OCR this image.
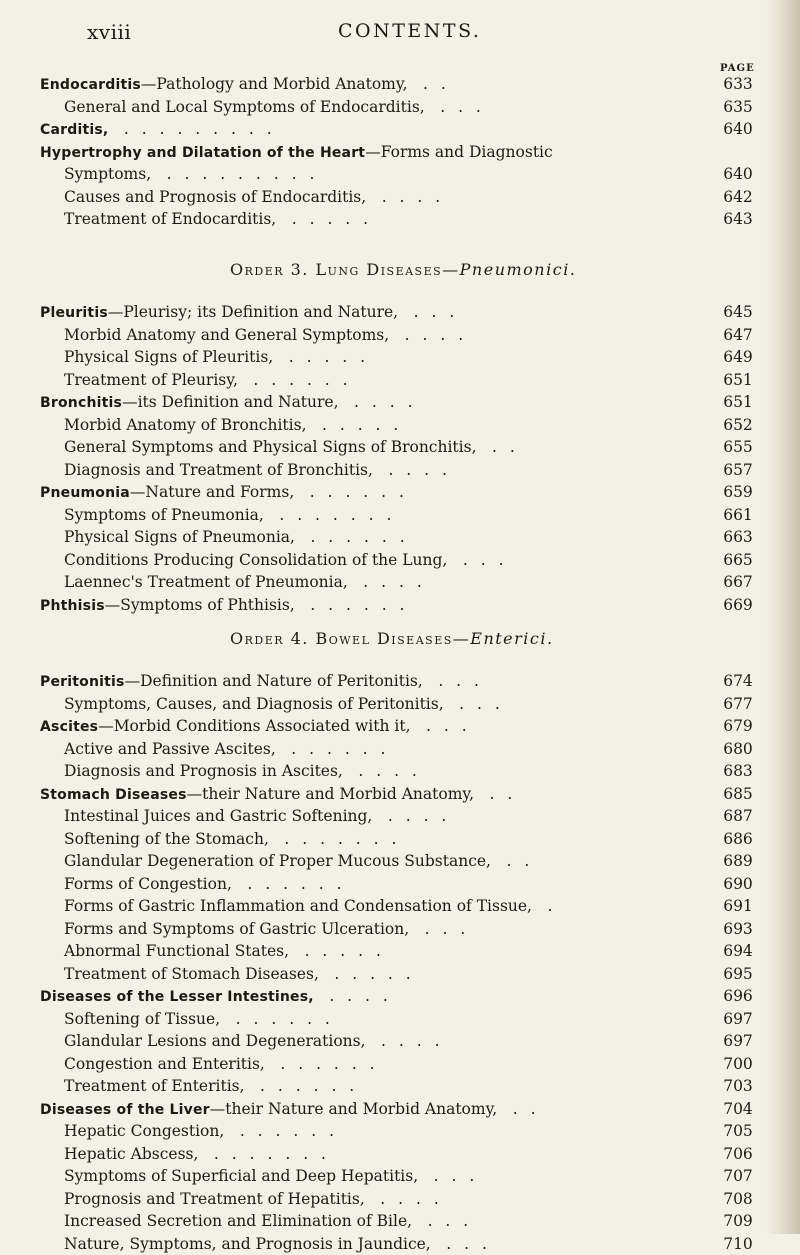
xviii	CONTENTS.
PAGE
Endocarditis—Pathology and Morbid Anatomy,  . .	633
General and Local Symptoms of Endocarditis,  . . .	635
Carditis,  . . . . . . . . .	640
Hypertrophy and Dilatation of the Heart—Forms and Diagnostic
Symptoms,  . . . . . . . . .	640
Causes and Prognosis of Endocarditis,  . . . .	642
Treatment of Endocarditis,  . . . . .	643
Order 3. Lung Diseases—Pneumonici.
Pleuritis—Pleurisy; its Definition and Nature,  . . .	645
Morbid Anatomy and General Symptoms,  . . . .	647
Physical Signs of Pleuritis,  . . . . .	649
Treatment of Pleurisy,  . . . . . .	651
Bronchitis—its Definition and Nature,  . . . .	651
Morbid Anatomy of Bronchitis,  . . . . .	652
General Symptoms and Physical Signs of Bronchitis,  . .	655
Diagnosis and Treatment of Bronchitis,  . . . .	657
Pneumonia—Nature and Forms,  . . . . . .	659
Symptoms of Pneumonia,  . . . . . . .	661
Physical Signs of Pneumonia,  . . . . . .	663
Conditions Producing Consolidation of the Lung,  . . .	665
Laennec's Treatment of Pneumonia,  . . . .	667
Phthisis—Symptoms of Phthisis,  . . . . . .	669
Order 4. Bowel Diseases—Enterici.
Peritonitis—Definition and Nature of Peritonitis,  . . .	674
Symptoms, Causes, and Diagnosis of Peritonitis,  . . .	677
Ascites—Morbid Conditions Associated with it,  . . .	679
Active and Passive Ascites,  . . . . . .	680
Diagnosis and Prognosis in Ascites,  . . . .	683
Stomach Diseases—their Nature and Morbid Anatomy,  . .	685
Intestinal Juices and Gastric Softening,  . . . .	687
Softening of the Stomach,  . . . . . . .	686
Glandular Degeneration of Proper Mucous Substance,  . .	689
Forms of Congestion,  . . . . . .	690
Forms of Gastric Inflammation and Condensation of Tissue,  .	691
Forms and Symptoms of Gastric Ulceration,  . . .	693
Abnormal Functional States,  . . . . .	694
Treatment of Stomach Diseases,  . . . . .	695
Diseases of the Lesser Intestines,  . . . .	696
Softening of Tissue,  . . . . . .	697
Glandular Lesions and Degenerations,  . . . .	697
Congestion and Enteritis,  . . . . . .	700
Treatment of Enteritis,  . . . . . .	703
Diseases of the Liver—their Nature and Morbid Anatomy,  . .	704
Hepatic Congestion,  . . . . . .	705
Hepatic Abscess,  . . . . . . .	706
Symptoms of Superficial and Deep Hepatitis,  . . .	707
Prognosis and Treatment of Hepatitis,  . . . .	708
Increased Secretion and Elimination of Bile,  . . .	709
Nature, Symptoms, and Prognosis in Jaundice,  . . .	710
